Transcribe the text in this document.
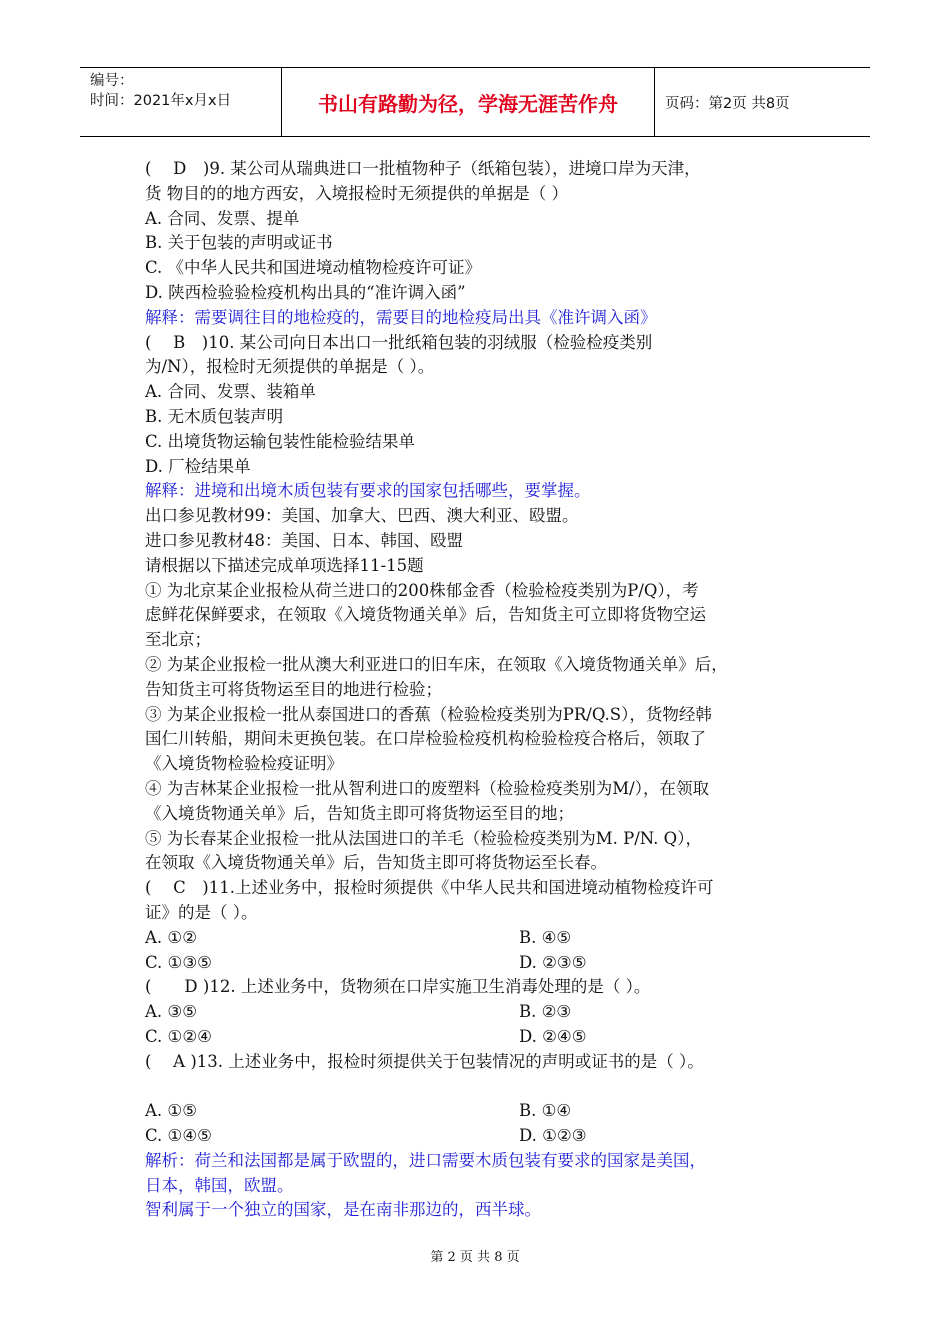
编号：
时间：2021年x月x日	书山有路勤为径，学海无涯苦作舟	页码：第2页 共8页
(　 D　)9. 某公司从瑞典进口一批植物种子（纸箱包装），进境口岸为天津，
货 物目的的地方西安，入境报检时无须提供的单据是（ ）
A. 合同、发票、提单
B. 关于包装的声明或证书
C. 《中华人民共和国进境动植物检疫许可证》
D. 陕西检验验检疫机构出具的“准许调入函”
解释：需要调往目的地检疫的，需要目的地检疫局出具《准许调入函》
(　 B　)10. 某公司向日本出口一批纸箱包装的羽绒服（检验检疫类别
为/N），报检时无须提供的单据是（ ）。
A. 合同、发票、装箱单
B. 无木质包装声明
C. 出境货物运输包装性能检验结果单
D. 厂检结果单
解释：进境和出境木质包装有要求的国家包括哪些，要掌握。
出口参见教材99：美国、加拿大、巴西、澳大利亚、殴盟。
进口参见教材48：美国、日本、韩国、殴盟
请根据以下描述完成单项选择11-15题
① 为北京某企业报检从荷兰进口的200株郁金香（检验检疫类别为P/Q），考
虑鲜花保鲜要求，在领取《入境货物通关单》后，告知货主可立即将货物空运
至北京；
② 为某企业报检一批从澳大利亚进口的旧车床，在领取《入境货物通关单》后，
告知货主可将货物运至目的地进行检验；
③ 为某企业报检一批从泰国进口的香蕉（检验检疫类别为PR/Q.S），货物经韩
国仁川转船，期间未更换包装。在口岸检验检疫机构检验检疫合格后，领取了
《入境货物检验检疫证明》
④ 为吉林某企业报检一批从智利进口的废塑料（检验检疫类别为M/），在领取
《入境货物通关单》后，告知货主即可将货物运至目的地；
⑤ 为长春某企业报检一批从法国进口的羊毛（检验检疫类别为M. P/N. Q），
在领取《入境货物通关单》后，告知货主即可将货物运至长春。
(　 C　)11.上述业务中，报检时须提供《中华人民共和国进境动植物检疫许可
证》的是（ ）。
A. ①②	B. ④⑤
C. ①③⑤	D. ②③⑤
(　　D )12. 上述业务中，货物须在口岸实施卫生消毒处理的是（ ）。
A. ③⑤	B. ②③
C. ①②④	D. ②④⑤
(　 A )13. 上述业务中，报检时须提供关于包装情况的声明或证书的是（ ）。
A. ①⑤	B. ①④
C. ①④⑤	D. ①②③
解析：荷兰和法国都是属于欧盟的，进口需要木质包装有要求的国家是美国，
日本，韩国，欧盟。
智利属于一个独立的国家，是在南非那边的，西半球。
第 2 页 共 8 页
